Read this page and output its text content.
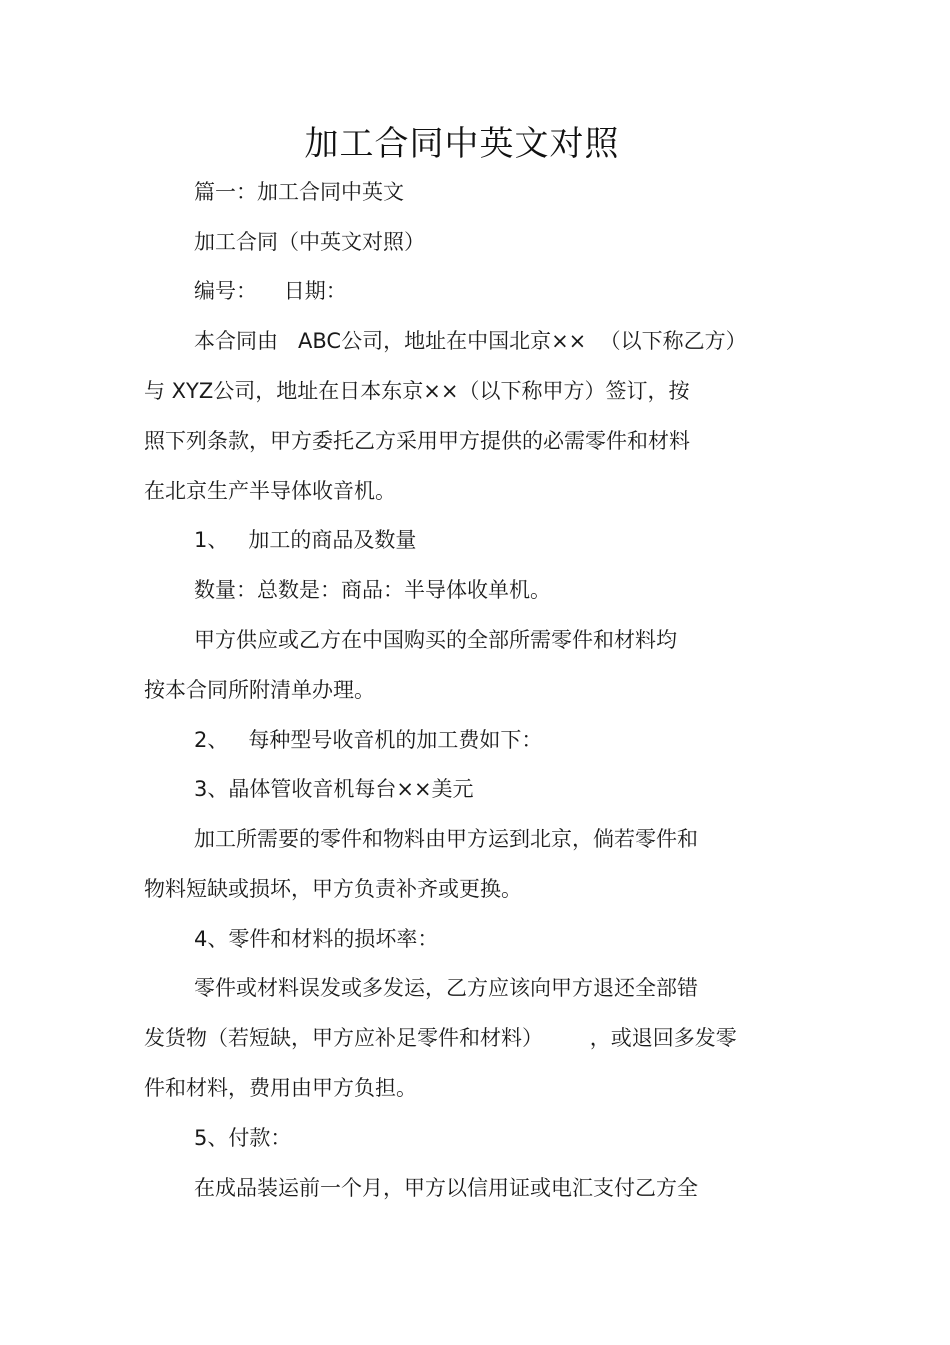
加工合同中英文对照
篇一：加工合同中英文
加工合同（中英文对照）
编号：    日期：
本合同由   ABC公司，地址在中国北京××  （以下称乙方）
与 XYZ公司，地址在日本东京××（以下称甲方）签订，按
照下列条款，甲方委托乙方采用甲方提供的必需零件和材料
在北京生产半导体收音机。
1、   加工的商品及数量
数量：总数是：商品：半导体收单机。
甲方供应或乙方在中国购买的全部所需零件和材料均
按本合同所附清单办理。
2、   每种型号收音机的加工费如下：
3、晶体管收音机每台××美元
加工所需要的零件和物料由甲方运到北京，倘若零件和
物料短缺或损坏，甲方负责补齐或更换。
4、零件和材料的损坏率：
零件或材料误发或多发运，乙方应该向甲方退还全部错
发货物（若短缺，甲方应补足零件和材料）       ，或退回多发零
件和材料，费用由甲方负担。
5、付款：
在成品装运前一个月，甲方以信用证或电汇支付乙方全
